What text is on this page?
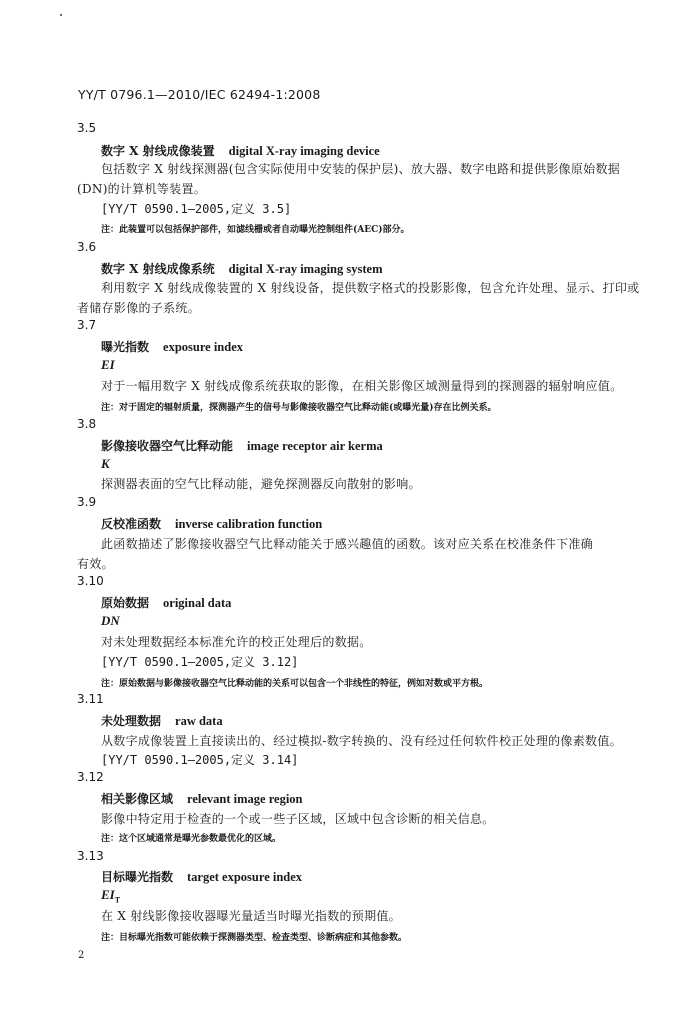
YY/T 0796.1—2010/IEC 62494-1:2008
3.5
数字 X 射线成像装置 digital X-ray imaging device
包括数字 X 射线探测器(包含实际使用中安装的保护层)、放大器、数字电路和提供影像原始数据
(DN)的计算机等装置。
[YY/T 0590.1—2005,定义 3.5]
注：此装置可以包括保护部件，如滤线栅或者自动曝光控制组件(AEC)部分。
3.6
数字 X 射线成像系统 digital X-ray imaging system
利用数字 X 射线成像装置的 X 射线设备，提供数字格式的投影影像，包含允许处理、显示、打印或
者储存影像的子系统。
3.7
曝光指数 exposure index
EI
对于一幅用数字 X 射线成像系统获取的影像，在相关影像区域测量得到的探测器的辐射响应值。
注：对于固定的辐射质量，探测器产生的信号与影像接收器空气比释动能(或曝光量)存在比例关系。
3.8
影像接收器空气比释动能 image receptor air kerma
K
探测器表面的空气比释动能，避免探测器反向散射的影响。
3.9
反校准函数 inverse calibration function
此函数描述了影像接收器空气比释动能关于感兴趣值的函数。该对应关系在校准条件下准确
有效。
3.10
原始数据 original data
DN
对未处理数据经本标准允许的校正处理后的数据。
[YY/T 0590.1—2005,定义 3.12]
注：原始数据与影像接收器空气比释动能的关系可以包含一个非线性的特征，例如对数或平方根。
3.11
未处理数据 raw data
从数字成像装置上直接读出的、经过模拟-数字转换的、没有经过任何软件校正处理的像素数值。
[YY/T 0590.1—2005,定义 3.14]
3.12
相关影像区域 relevant image region
影像中特定用于检查的一个或一些子区域，区域中包含诊断的相关信息。
注：这个区域通常是曝光参数最优化的区域。
3.13
目标曝光指数 target exposure index
$EI_T$
在 X 射线影像接收器曝光量适当时曝光指数的预期值。
注：目标曝光指数可能依赖于探测器类型、检查类型、诊断病症和其他参数。
2
